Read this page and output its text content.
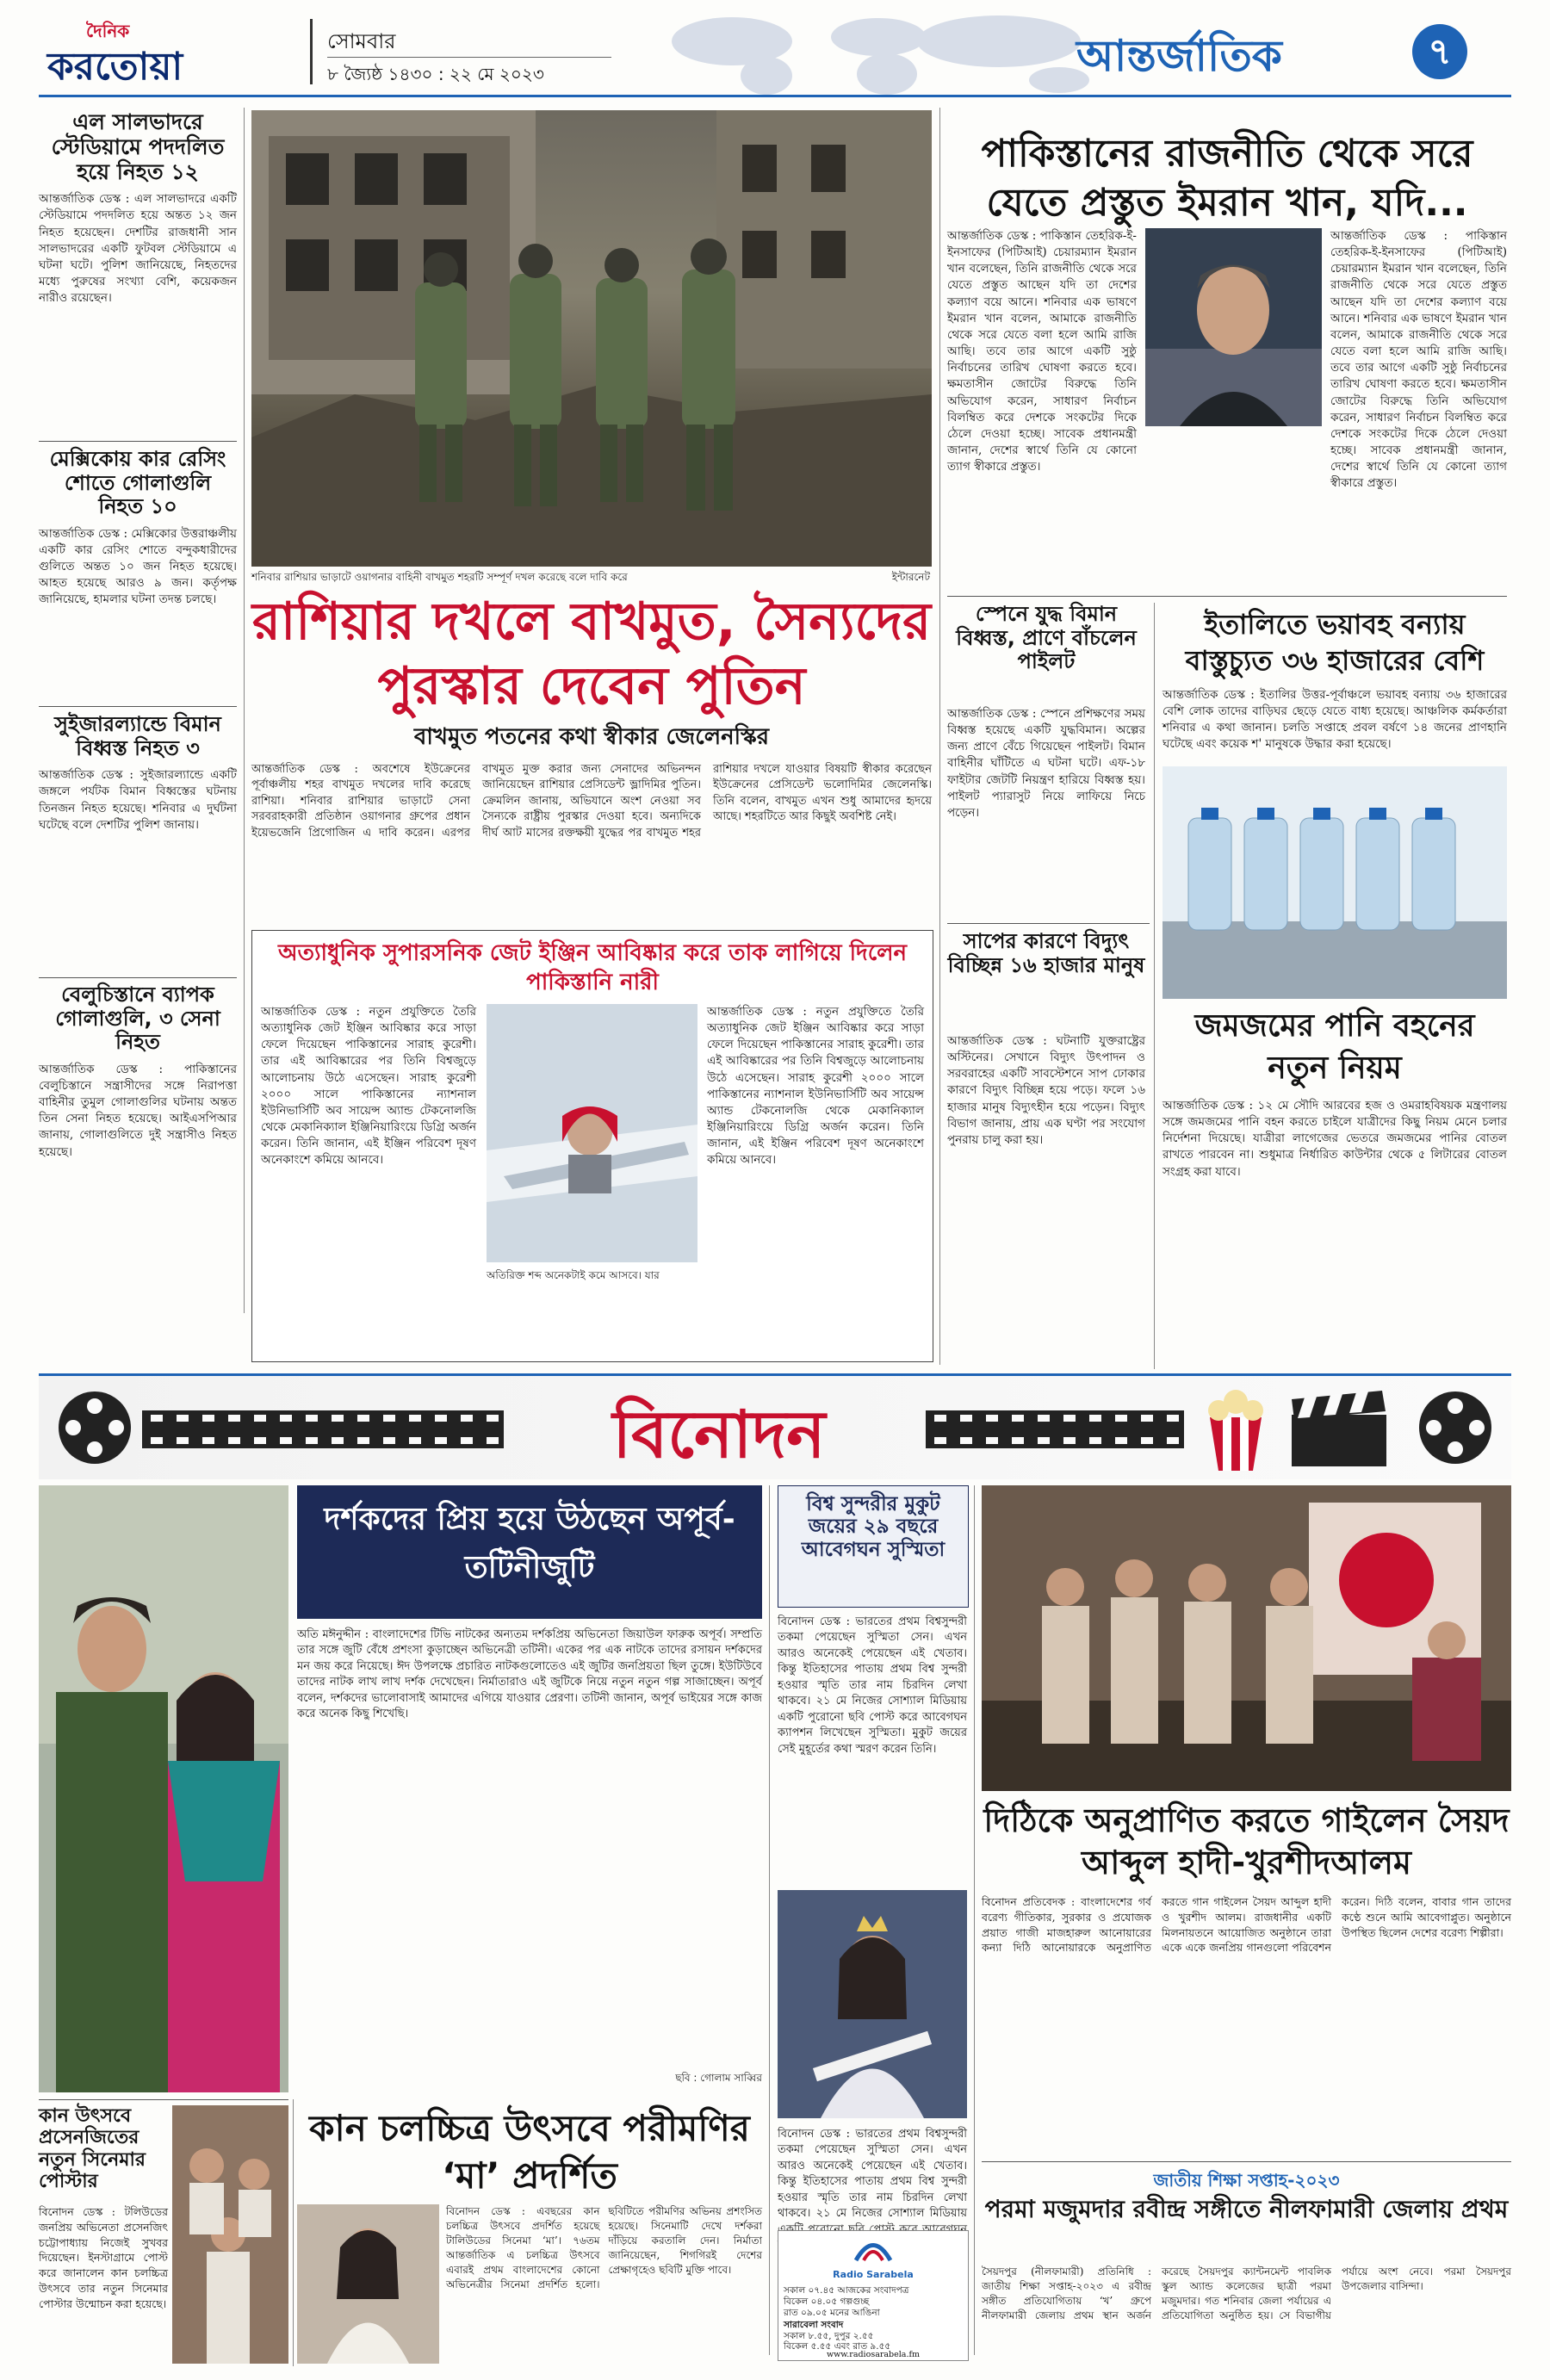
দৈনিক
করতোয়া
সোমবার
৮ জ্যৈষ্ঠ ১৪৩০ : ২২ মে ২০২৩	আন্তর্জাতিক	৭
এল সালভাদরে স্টেডিয়ামে পদদলিত হয়ে নিহত ১২

আন্তর্জাতিক ডেস্ক : এল সালভাদরে একটি স্টেডিয়ামে পদদলিত হয়ে অন্তত ১২ জন নিহত হয়েছেন। দেশটির রাজধানী সান সালভাদরের একটি ফুটবল স্টেডিয়ামে এ ঘটনা ঘটে। পুলিশ জানিয়েছে, নিহতদের মধ্যে পুরুষের সংখ্যা বেশি, কয়েকজন নারীও রয়েছেন।

মেক্সিকোয় কার রেসিং শোতে গোলাগুলি নিহত ১০

আন্তর্জাতিক ডেস্ক : মেক্সিকোর উত্তরাঞ্চলীয় একটি কার রেসিং শোতে বন্দুকধারীদের গুলিতে অন্তত ১০ জন নিহত হয়েছে। আহত হয়েছে আরও ৯ জন। কর্তৃপক্ষ জানিয়েছে, হামলার ঘটনা তদন্ত চলছে।

সুইজারল্যান্ডে বিমান বিধ্বস্ত নিহত ৩

আন্তর্জাতিক ডেস্ক : সুইজারল্যান্ডে একটি জঙ্গলে পর্যটক বিমান বিধ্বস্তের ঘটনায় তিনজন নিহত হয়েছে। শনিবার এ দুর্ঘটনা ঘটেছে বলে দেশটির পুলিশ জানায়।

বেলুচিস্তানে ব্যাপক গোলাগুলি, ৩ সেনা নিহত

আন্তর্জাতিক ডেস্ক : পাকিস্তানের বেলুচিস্তানে সন্ত্রাসীদের সঙ্গে নিরাপত্তা বাহিনীর তুমুল গোলাগুলির ঘটনায় অন্তত তিন সেনা নিহত হয়েছে। আইএসপিআর জানায়, গোলাগুলিতে দুই সন্ত্রাসীও নিহত হয়েছে।

শনিবার রাশিয়ার ভাড়াটে ওয়াগনার বাহিনী বাখমুত শহরটি সম্পূর্ণ দখল করেছে বলে দাবি করে	ইন্টারনেট
রাশিয়ার দখলে বাখমুত, সৈন্যদের পুরস্কার দেবেন পুতিন
বাখমুত পতনের কথা স্বীকার জেলেনস্কির

আন্তর্জাতিক ডেস্ক : অবশেষে ইউক্রেনের পূর্বাঞ্চলীয় শহর বাখমুত দখলের দাবি করেছে রাশিয়া। শনিবার রাশিয়ার ভাড়াটে সেনা সরবরাহকারী প্রতিষ্ঠান ওয়াগনার গ্রুপের প্রধান ইয়েভজেনি প্রিগোজিন এ দাবি করেন। এরপর বাখমুত মুক্ত করার জন্য সেনাদের অভিনন্দন জানিয়েছেন রাশিয়ার প্রেসিডেন্ট ভ্লাদিমির পুতিন। ক্রেমলিন জানায়, অভিযানে অংশ নেওয়া সব সৈন্যকে রাষ্ট্রীয় পুরস্কার দেওয়া হবে। অন্যদিকে দীর্ঘ আট মাসের রক্তক্ষয়ী যুদ্ধের পর বাখমুত শহর রাশিয়ার দখলে যাওয়ার বিষয়টি স্বীকার করেছেন ইউক্রেনের প্রেসিডেন্ট ভলোদিমির জেলেনস্কি। তিনি বলেন, বাখমুত এখন শুধু আমাদের হৃদয়ে আছে। শহরটিতে আর কিছুই অবশিষ্ট নেই।

পাকিস্তানের রাজনীতি থেকে সরে যেতে প্রস্তুত ইমরান খান, যদি...

আন্তর্জাতিক ডেস্ক : পাকিস্তান তেহরিক-ই-ইনসাফের (পিটিআই) চেয়ারম্যান ইমরান খান বলেছেন, তিনি রাজনীতি থেকে সরে যেতে প্রস্তুত আছেন যদি তা দেশের কল্যাণ বয়ে আনে। শনিবার এক ভাষণে ইমরান খান বলেন, আমাকে রাজনীতি থেকে সরে যেতে বলা হলে আমি রাজি আছি। তবে তার আগে একটি সুষ্ঠু নির্বাচনের তারিখ ঘোষণা করতে হবে। ক্ষমতাসীন জোটের বিরুদ্ধে তিনি অভিযোগ করেন, সাধারণ নির্বাচন বিলম্বিত করে দেশকে সংকটের দিকে ঠেলে দেওয়া হচ্ছে। সাবেক প্রধানমন্ত্রী জানান, দেশের স্বার্থে তিনি যে কোনো ত্যাগ স্বীকারে প্রস্তুত।

আন্তর্জাতিক ডেস্ক : পাকিস্তান তেহরিক-ই-ইনসাফের (পিটিআই) চেয়ারম্যান ইমরান খান বলেছেন, তিনি রাজনীতি থেকে সরে যেতে প্রস্তুত আছেন যদি তা দেশের কল্যাণ বয়ে আনে। শনিবার এক ভাষণে ইমরান খান বলেন, আমাকে রাজনীতি থেকে সরে যেতে বলা হলে আমি রাজি আছি। তবে তার আগে একটি সুষ্ঠু নির্বাচনের তারিখ ঘোষণা করতে হবে। ক্ষমতাসীন জোটের বিরুদ্ধে তিনি অভিযোগ করেন, সাধারণ নির্বাচন বিলম্বিত করে দেশকে সংকটের দিকে ঠেলে দেওয়া হচ্ছে। সাবেক প্রধানমন্ত্রী জানান, দেশের স্বার্থে তিনি যে কোনো ত্যাগ স্বীকারে প্রস্তুত।

স্পেনে যুদ্ধ বিমান বিধ্বস্ত, প্রাণে বাঁচলেন পাইলট

আন্তর্জাতিক ডেস্ক : স্পেনে প্রশিক্ষণের সময় বিধ্বস্ত হয়েছে একটি যুদ্ধবিমান। অল্পের জন্য প্রাণে বেঁচে গিয়েছেন পাইলট। বিমান বাহিনীর ঘাঁটিতে এ ঘটনা ঘটে। এফ-১৮ ফাইটার জেটটি নিয়ন্ত্রণ হারিয়ে বিধ্বস্ত হয়। পাইলট প্যারাসুট নিয়ে লাফিয়ে নিচে পড়েন।

ইতালিতে ভয়াবহ বন্যায় বাস্তুচ্যুত ৩৬ হাজারের বেশি

আন্তর্জাতিক ডেস্ক : ইতালির উত্তর-পূর্বাঞ্চলে ভয়াবহ বন্যায় ৩৬ হাজারের বেশি লোক তাদের বাড়িঘর ছেড়ে যেতে বাধ্য হয়েছে। আঞ্চলিক কর্মকর্তারা শনিবার এ কথা জানান। চলতি সপ্তাহে প্রবল বর্ষণে ১৪ জনের প্রাণহানি ঘটেছে এবং কয়েক শ' মানুষকে উদ্ধার করা হয়েছে।

জমজমের পানি বহনের নতুন নিয়ম

আন্তর্জাতিক ডেস্ক : ১২ মে সৌদি আরবের হজ ও ওমরাহবিষয়ক মন্ত্রণালয় সঙ্গে জমজমের পানি বহন করতে চাইলে যাত্রীদের কিছু নিয়ম মেনে চলার নির্দেশনা দিয়েছে। যাত্রীরা লাগেজের ভেতরে জমজমের পানির বোতল রাখতে পারবেন না। শুধুমাত্র নির্ধারিত কাউন্টার থেকে ৫ লিটারের বোতল সংগ্রহ করা যাবে।

সাপের কারণে বিদ্যুৎ বিচ্ছিন্ন ১৬ হাজার মানুষ

আন্তর্জাতিক ডেস্ক : ঘটনাটি যুক্তরাষ্ট্রের অস্টিনের। সেখানে বিদ্যুৎ উৎপাদন ও সরবরাহের একটি সাবস্টেশনে সাপ ঢোকার কারণে বিদ্যুৎ বিচ্ছিন্ন হয়ে পড়ে। ফলে ১৬ হাজার মানুষ বিদ্যুৎহীন হয়ে পড়েন। বিদ্যুৎ বিভাগ জানায়, প্রায় এক ঘণ্টা পর সংযোগ পুনরায় চালু করা হয়।

অত্যাধুনিক সুপারসনিক জেট ইঞ্জিন আবিষ্কার করে তাক লাগিয়ে দিলেন পাকিস্তানি নারী

আন্তর্জাতিক ডেস্ক : নতুন প্রযুক্তিতে তৈরি অত্যাধুনিক জেট ইঞ্জিন আবিষ্কার করে সাড়া ফেলে দিয়েছেন পাকিস্তানের সারাহ কুরেশী। তার এই আবিষ্কারের পর তিনি বিশ্বজুড়ে আলোচনায় উঠে এসেছেন। সারাহ কুরেশী ২০০০ সালে পাকিস্তানের ন্যাশনাল ইউনিভার্সিটি অব সায়েন্স অ্যান্ড টেকনোলজি থেকে মেকানিক্যাল ইঞ্জিনিয়ারিংয়ে ডিগ্রি অর্জন করেন। তিনি জানান, এই ইঞ্জিন পরিবেশ দূষণ অনেকাংশে কমিয়ে আনবে।

অতিরিক্ত শব্দ অনেকটাই কমে আসবে। যার

আন্তর্জাতিক ডেস্ক : নতুন প্রযুক্তিতে তৈরি অত্যাধুনিক জেট ইঞ্জিন আবিষ্কার করে সাড়া ফেলে দিয়েছেন পাকিস্তানের সারাহ কুরেশী। তার এই আবিষ্কারের পর তিনি বিশ্বজুড়ে আলোচনায় উঠে এসেছেন। সারাহ কুরেশী ২০০০ সালে পাকিস্তানের ন্যাশনাল ইউনিভার্সিটি অব সায়েন্স অ্যান্ড টেকনোলজি থেকে মেকানিক্যাল ইঞ্জিনিয়ারিংয়ে ডিগ্রি অর্জন করেন। তিনি জানান, এই ইঞ্জিন পরিবেশ দূষণ অনেকাংশে কমিয়ে আনবে।

বিনোদন
দর্শকদের প্রিয় হয়ে উঠছেন অপূর্ব-তটিনীজুটি

অতি মঈনুদ্দীন : বাংলাদেশের টিভি নাটকের অন্যতম দর্শকপ্রিয় অভিনেতা জিয়াউল ফারুক অপূর্ব। সম্প্রতি তার সঙ্গে জুটি বেঁধে প্রশংসা কুড়াচ্ছেন অভিনেত্রী তটিনী। একের পর এক নাটকে তাদের রসায়ন দর্শকদের মন জয় করে নিয়েছে। ঈদ উপলক্ষে প্রচারিত নাটকগুলোতেও এই জুটির জনপ্রিয়তা ছিল তুঙ্গে। ইউটিউবে তাদের নাটক লাখ লাখ দর্শক দেখেছেন। নির্মাতারাও এই জুটিকে নিয়ে নতুন নতুন গল্প সাজাচ্ছেন। অপূর্ব বলেন, দর্শকদের ভালোবাসাই আমাদের এগিয়ে যাওয়ার প্রেরণা। তটিনী জানান, অপূর্ব ভাইয়ের সঙ্গে কাজ করে অনেক কিছু শিখেছি।

ছবি : গোলাম সাব্বির
বিশ্ব সুন্দরীর মুকুট জয়ের ২৯ বছরে আবেগঘন সুস্মিতা

বিনোদন ডেস্ক : ভারতের প্রথম বিশ্বসুন্দরী তকমা পেয়েছেন সুস্মিতা সেন। এখন আরও অনেকেই পেয়েছেন এই খেতাব। কিন্তু ইতিহাসের পাতায় প্রথম বিশ্ব সুন্দরী হওয়ার স্মৃতি তার নাম চিরদিন লেখা থাকবে। ২১ মে নিজের সোশ্যাল মিডিয়ায় একটি পুরোনো ছবি পোস্ট করে আবেগঘন ক্যাপশন লিখেছেন সুস্মিতা। মুকুট জয়ের সেই মুহূর্তের কথা স্মরণ করেন তিনি।

বিনোদন ডেস্ক : ভারতের প্রথম বিশ্বসুন্দরী তকমা পেয়েছেন সুস্মিতা সেন। এখন আরও অনেকেই পেয়েছেন এই খেতাব। কিন্তু ইতিহাসের পাতায় প্রথম বিশ্ব সুন্দরী হওয়ার স্মৃতি তার নাম চিরদিন লেখা থাকবে। ২১ মে নিজের সোশ্যাল মিডিয়ায়

Radio Sarabela
সকাল ০৭.৪৫ আজকের সংবাদপত্র
বিকেল ০৪.০৫ গল্পগুচ্ছ
রাত ০৯.০৫ মনের আঙিনা
সারাবেলা সংবাদ
সকাল ৮.৫৫, দুপুর ২.৫৫
বিকেল ৫.৫৫ এবং রাত ৯.৫৫
www.radiosarabela.fm
দিঠিকে অনুপ্রাণিত করতে গাইলেন সৈয়দ আব্দুল হাদী-খুরশীদআলম

বিনোদন প্রতিবেদক : বাংলাদেশের গর্ব বরেণ্য গীতিকার, সুরকার ও প্রযোজক প্রয়াত গাজী মাজহারুল আনোয়ারের কন্যা দিঠি আনোয়ারকে অনুপ্রাণিত করতে গান গাইলেন সৈয়দ আব্দুল হাদী ও খুরশীদ আলম। রাজধানীর একটি মিলনায়তনে আয়োজিত অনুষ্ঠানে তারা একে একে জনপ্রিয় গানগুলো পরিবেশন করেন। দিঠি বলেন, বাবার গান তাদের কণ্ঠে শুনে আমি আবেগাপ্লুত। অনুষ্ঠানে উপস্থিত ছিলেন দেশের বরেণ্য শিল্পীরা।

জাতীয় শিক্ষা সপ্তাহ-২০২৩
পরমা মজুমদার রবীন্দ্র সঙ্গীতে নীলফামারী জেলায় প্রথম

সৈয়দপুর (নীলফামারী) প্রতিনিধি : জাতীয় শিক্ষা সপ্তাহ-২০২৩ এ রবীন্দ্র সঙ্গীত প্রতিযোগিতায় ‘খ’ গ্রুপে নীলফামারী জেলায় প্রথম স্থান অর্জন করেছে সৈয়দপুর ক্যান্টনমেন্ট পাবলিক স্কুল অ্যান্ড কলেজের ছাত্রী পরমা মজুমদার। গত শনিবার জেলা পর্যায়ের এ প্রতিযোগিতা অনুষ্ঠিত হয়। সে বিভাগীয় পর্যায়ে অংশ নেবে। পরমা সৈয়দপুর উপজেলার বাসিন্দা।

কান উৎসবে প্রসেনজিতের নতুন সিনেমার পোস্টার

বিনোদন ডেস্ক : টলিউডের জনপ্রিয় অভিনেতা প্রসেনজিৎ চট্টোপাধ্যায় নিজেই সুখবর দিয়েছেন। ইনস্টাগ্রামে পোস্ট করে জানালেন কান চলচ্চিত্র উৎসবে তার নতুন সিনেমার পোস্টার উন্মোচন করা হয়েছে।

কান চলচ্চিত্র উৎসবে পরীমণির ‘মা’ প্রদর্শিত

বিনোদন ডেস্ক : এবছরের কান চলচ্চিত্র উৎসবে প্রদর্শিত হয়েছে টালিউডের সিনেমা ‘মা’। ৭৬তম আন্তর্জাতিক এ চলচ্চিত্র উৎসবে এবারই প্রথম বাংলাদেশের কোনো অভিনেত্রীর সিনেমা প্রদর্শিত হলো। ছবিটিতে পরীমণির অভিনয় প্রশংসিত হয়েছে। সিনেমাটি দেখে দর্শকরা দাঁড়িয়ে করতালি দেন। নির্মাতা জানিয়েছেন, শিগগিরই দেশের প্রেক্ষাগৃহেও ছবিটি মুক্তি পাবে।
